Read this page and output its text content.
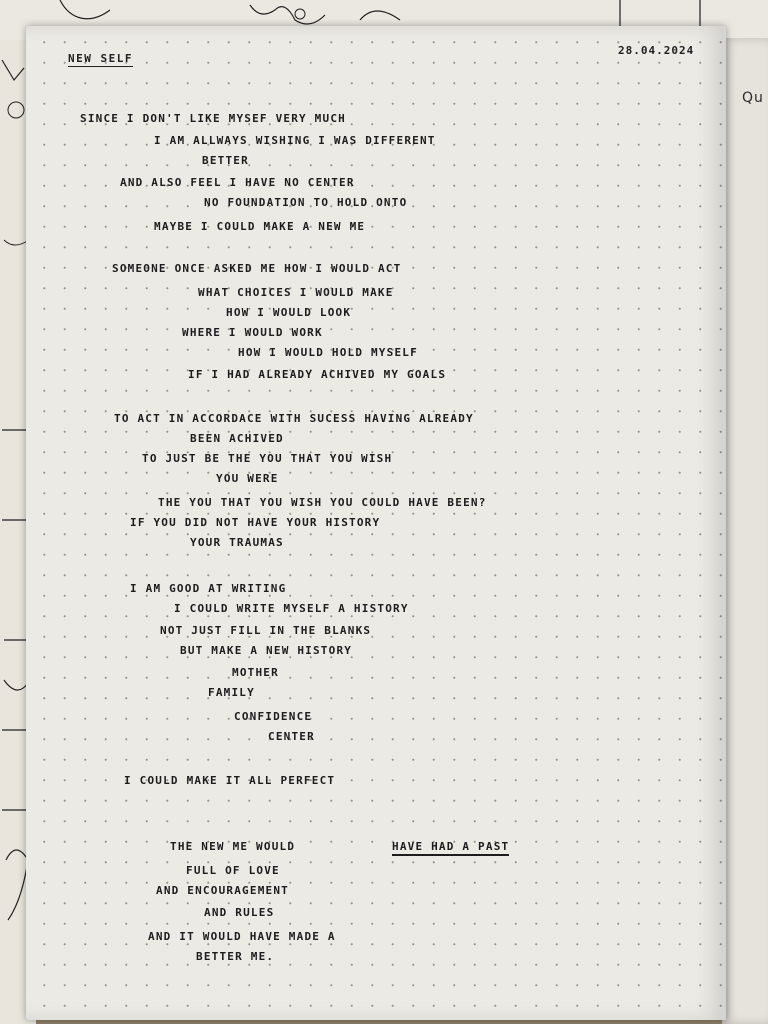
Qu
NEW SELF
28.04.2024
SINCE I DON'T LIKE MYSEF VERY MUCH
I AM ALLWAYS WISHING I WAS DIFFERENT
BETTER
AND ALSO FEEL I HAVE NO CENTER
NO FOUNDATION TO HOLD ONTO
MAYBE I COULD MAKE A NEW ME
SOMEONE ONCE ASKED ME HOW I WOULD ACT
WHAT CHOICES I WOULD MAKE
HOW I WOULD LOOK
WHERE I WOULD WORK
HOW I WOULD HOLD MYSELF
IF I HAD ALREADY ACHIVED MY GOALS
TO ACT IN ACCORDACE WITH SUCESS HAVING ALREADY
BEEN ACHIVED
TO JUST BE THE YOU THAT YOU WISH
YOU WERE
THE YOU THAT YOU WISH YOU COULD HAVE BEEN?
IF YOU DID NOT HAVE YOUR HISTORY
YOUR TRAUMAS
I AM GOOD AT WRITING
I COULD WRITE MYSELF A HISTORY
NOT JUST FILL IN THE BLANKS
BUT MAKE A NEW HISTORY
MOTHER
FAMILY
CONFIDENCE
CENTER
I COULD MAKE IT ALL PERFECT
THE NEW ME WOULD	HAVE HAD A PAST
FULL OF LOVE
AND ENCOURAGEMENT
AND RULES
AND IT WOULD HAVE MADE A
BETTER ME.
